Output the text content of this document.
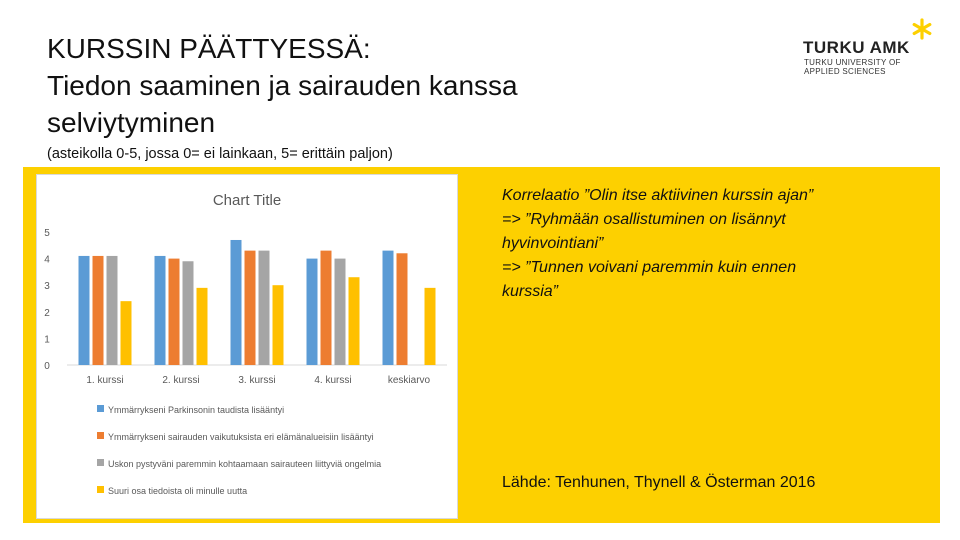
KURSSIN PÄÄTTYESSÄ:
Tiedon saaminen ja sairauden kanssa
selviytyminen
(asteikolla 0-5, jossa 0= ei lainkaan, 5= erittäin paljon)
TURKU AMK
TURKU UNIVERSITY OF
APPLIED SCIENCES
Chart Title
0
1
2
3
4
5
1. kurssi	2. kurssi	3. kurssi	4. kurssi	keskiarvo
Ymmärrykseni Parkinsonin taudista lisääntyi
Ymmärrykseni sairauden vaikutuksista eri elämänalueisiin lisääntyi
Uskon pystyväni paremmin kohtaamaan sairauteen liittyviä ongelmia
Suuri osa tiedoista oli minulle uutta
Korrelaatio ”Olin itse aktiivinen kurssin ajan”
=> ”Ryhmään osallistuminen on lisännyt
hyvinvointiani”
=> ”Tunnen voivani paremmin kuin ennen
kurssia”
Lähde: Tenhunen, Thynell & Österman 2016
